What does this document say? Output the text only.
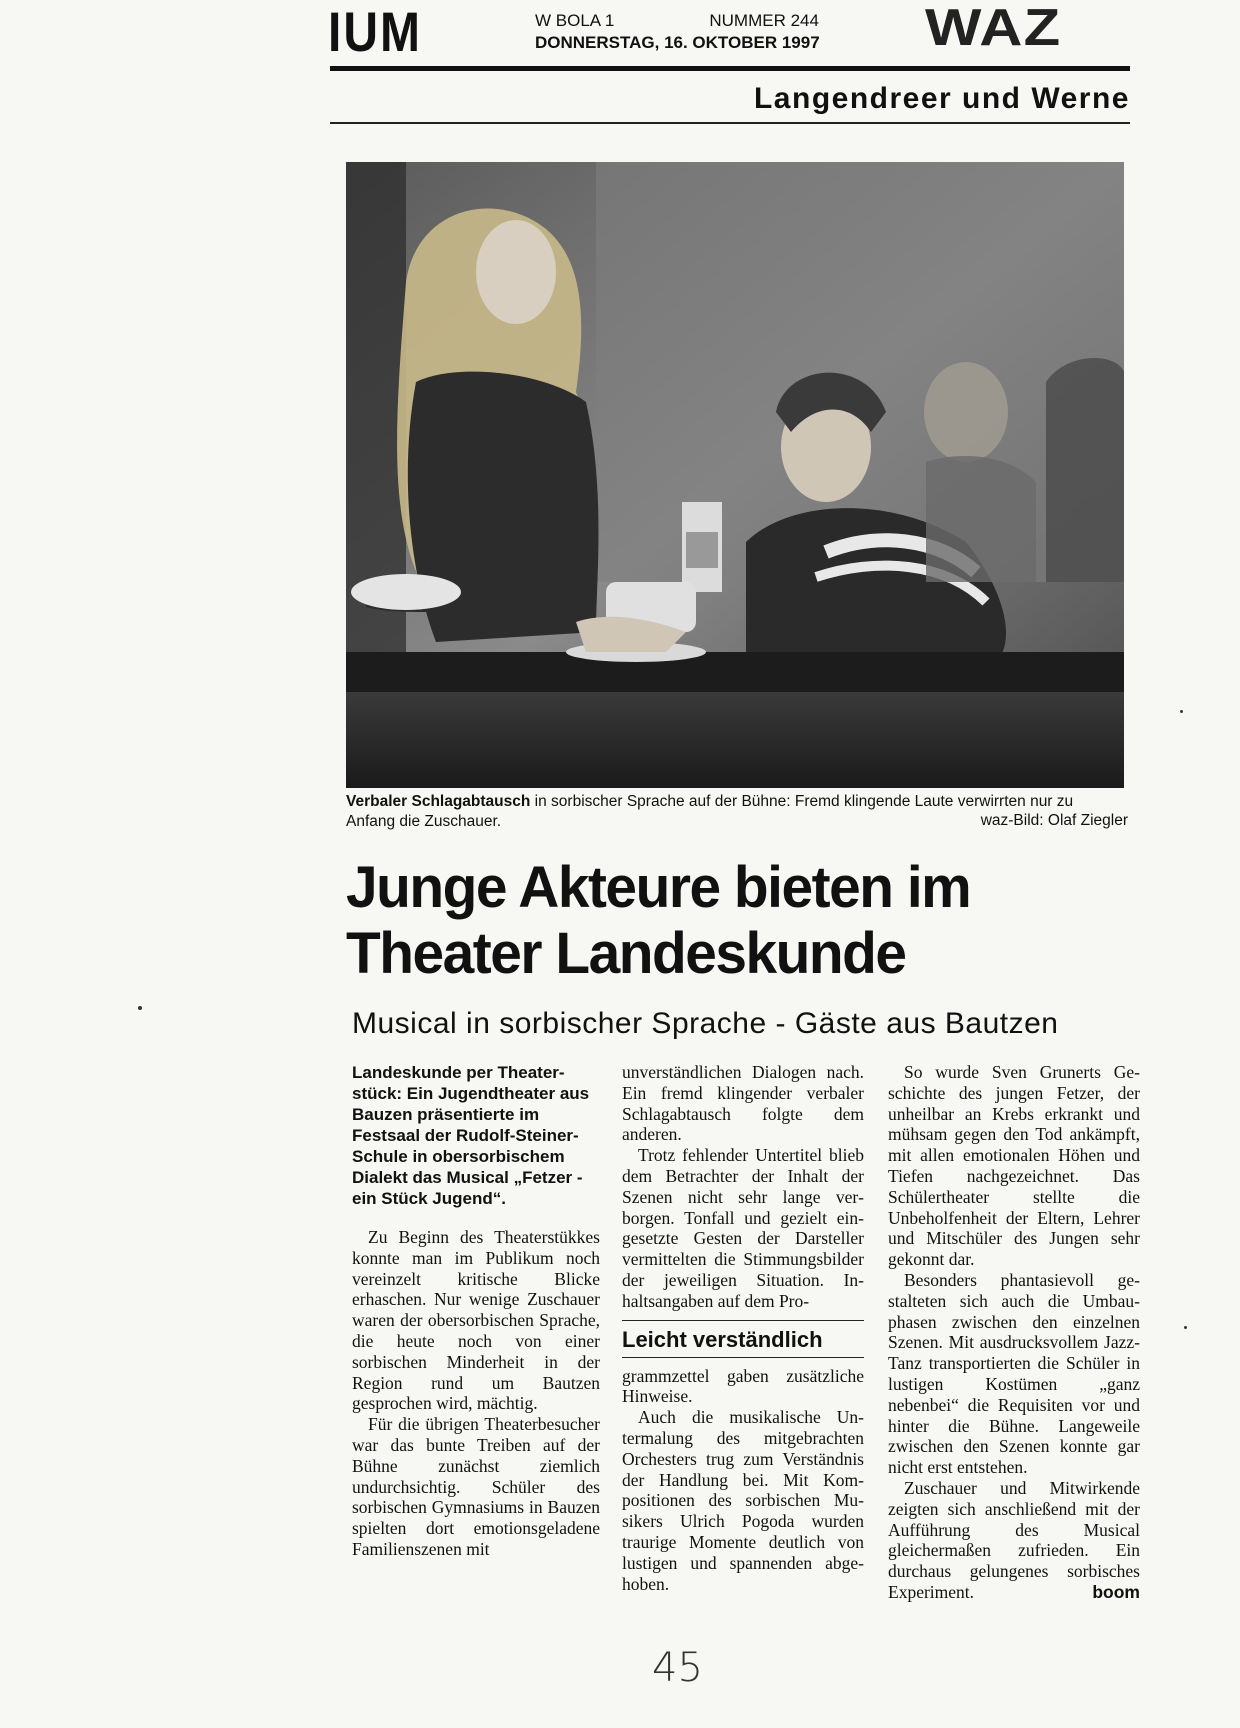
IUM	W BOLA 1	NUMMER 244
DONNERSTAG, 16. OKTOBER 1997 WAZ
Langendreer und Werne
Verbaler Schlagabtausch in sorbischer Sprache auf der Bühne: Fremd klingende Laute verwirrten nur zu Anfang die Zuschauer.	waz-Bild: Olaf Ziegler
Junge Akteure bieten im Theater Landeskunde
Musical in sorbischer Sprache - Gäste aus Bautzen
Landeskunde per Theaterstück: Ein Jugendtheater aus Bauzen präsentierte im Festsaal der Rudolf-Steiner-Schule in obersorbischem Dialekt das Musical „Fetzer - ein Stück Jugend“.

Zu Beginn des Theaterstükkes konnte man im Publikum noch vereinzelt kritische Blicke erhaschen. Nur wenige Zuschauer waren der obersorbischen Sprache, die heute noch von einer sorbischen Minderheit in der Region rund um Bautzen gesprochen wird, mächtig.

Für die übrigen Theaterbesucher war das bunte Treiben auf der Bühne zunächst ziemlich undurchsichtig. Schüler des sorbischen Gymnasiums in Bauzen spielten dort emotionsgeladene Familienszenen mit

unverständlichen Dialogen nach. Ein fremd klingender verbaler Schlagabtausch folgte dem anderen.

Trotz fehlender Untertitel blieb dem Betrachter der Inhalt der Szenen nicht sehr lange verborgen. Tonfall und gezielt eingesetzte Gesten der Darsteller vermittelten die Stimmungsbilder der jeweiligen Situation. Inhaltsangaben auf dem Pro-

Leicht verständlich

grammzettel gaben zusätzliche Hinweise.

Auch die musikalische Untermalung des mitgebrachten Orchesters trug zum Verständnis der Handlung bei. Mit Kompositionen des sorbischen Musikers Ulrich Pogoda wurden traurige Momente deutlich von lustigen und spannenden abgehoben.

So wurde Sven Grunerts Geschichte des jungen Fetzer, der unheilbar an Krebs erkrankt und mühsam gegen den Tod ankämpft, mit allen emotionalen Höhen und Tiefen nachgezeichnet. Das Schülertheater stellte die Unbeholfenheit der Eltern, Lehrer und Mitschüler des Jungen sehr gekonnt dar.

Besonders phantasievoll gestalteten sich auch die Umbauphasen zwischen den einzelnen Szenen. Mit ausdrucksvollem Jazz-Tanz transportierten die Schüler in lustigen Kostümen „ganz nebenbei“ die Requisiten vor und hinter die Bühne. Langeweile zwischen den Szenen konnte gar nicht erst entstehen.

Zuschauer und Mitwirkende zeigten sich anschließend mit der Aufführung des Musical gleichermaßen zufrieden. Ein durchaus gelungenes sorbisches Experiment.	boom

45
